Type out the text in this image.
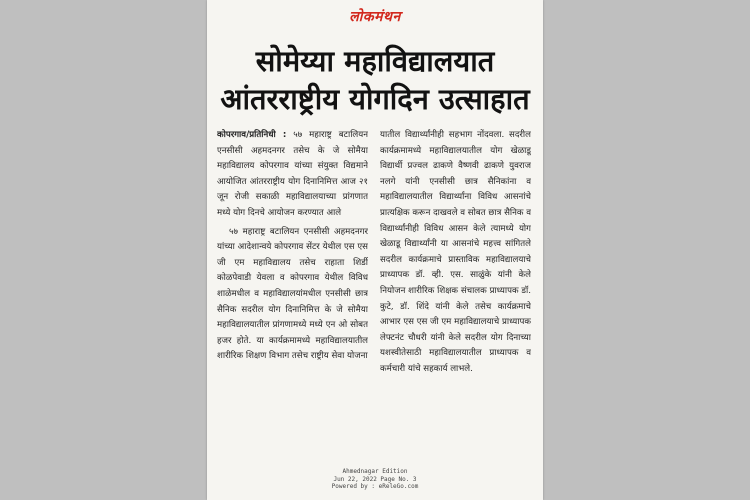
लोकमंथन
सोमेय्या महाविद्यालयात
आंतरराष्ट्रीय योगदिन उत्साहात

कोपरगाव/प्रतिनिधी : ५७ महाराष्ट्र बटालियन एनसीसी अहमदनगर तसेच के जे सोमैया महाविद्यालय कोपरगाव यांच्या संयुक्त विद्यमाने आयोजित आंतरराष्ट्रीय योग दिनानिमित्त आज २१ जून रोजी सकाळी महाविद्यालयाच्या प्रांगणात मध्ये योग दिनचे आयोजन करण्यात आले

५७ महाराष्ट्र बटालियन एनसीसी अहमदनगर यांच्या आदेशान्वये कोपरगाव सेंटर येथील एस एस जी एम महाविद्यालय तसेच राहाता शिर्डी कोळपेवाडी येवला व कोपरगाव येथील विविध शाळेमधील व महाविद्यालयांमधील एनसीसी छात्र सैनिक सदरील योग दिनानिमित्त के जे सोमैया महाविद्यालयातील प्रांगणामध्ये मध्ये एन ओ सोबत हजर होते. या कार्यक्रमामध्ये महाविद्यालयातील शारीरिक शिक्षण विभाग तसेच राष्ट्रीय सेवा योजना

यातील विद्यार्थ्यांनीही सहभाग नोंदवला. सदरील कार्यक्रमामध्ये महाविद्यालयातील योग खेळाडू विद्यार्थी प्रज्वल ढाकणे वैष्णवी ढाकणे युवराज नलगे यांनी एनसीसी छात्र सैनिकांना व महाविद्यालयातील विद्यार्थ्यांना विविध आसनांचे प्रात्यक्षिक करून दाखवले व सोबत छात्र सैनिक व विद्यार्थ्यांनीही विविध आसन केले त्यामध्ये योग खेळाडू विद्यार्थ्यांनी या आसनांचे महत्त्व सांगितले सदरील कार्यक्रमाचे प्रास्ताविक महाविद्यालयाचे प्राध्यापक डॉ. व्ही. एस. साळुंके यांनी केले नियोजन शारीरिक शिक्षक संचालक प्राध्यापक डॉ. कुटे, डॉ. शिंदे यांनी केले तसेच कार्यक्रमाचे आभार एस एस जी एम महाविद्यालयाचे प्राध्यापक लेफ्टनंट चौधरी यांनी केले सदरील योग दिनाच्या यशस्वीतेसाठी महाविद्यालयातील प्राध्यापक व कर्मचारी यांचे सहकार्य लाभले.

Ahmednagar Edition
Jun 22, 2022 Page No. 3
Powered by : eReleGo.com
